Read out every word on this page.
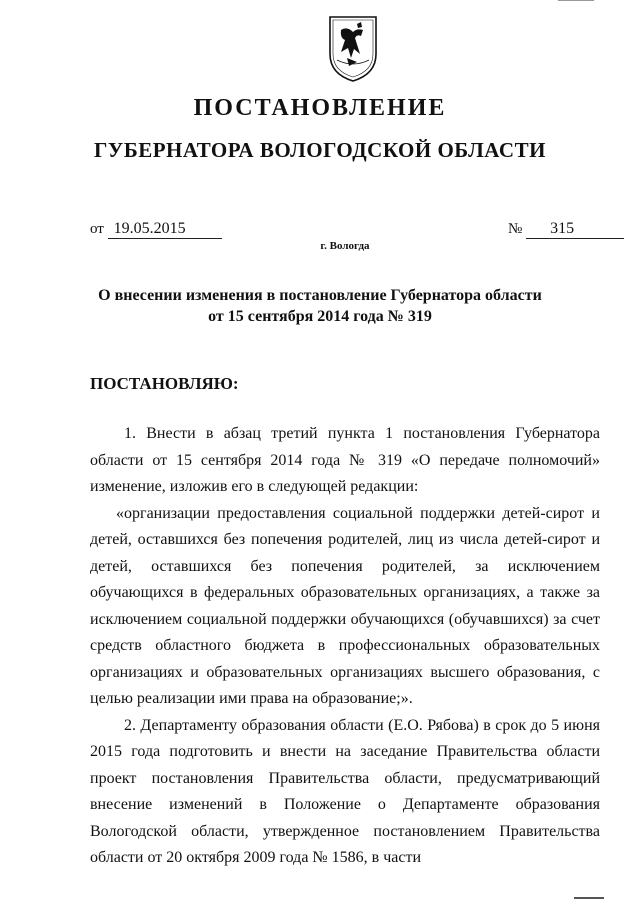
ПОСТАНОВЛЕНИЕ
ГУБЕРНАТОРА ВОЛОГОДСКОЙ ОБЛАСТИ
от 19.05.2015	№ 315
г. Вологда
О внесении изменения в постановление Губернатора области
от 15 сентября 2014 года № 319
ПОСТАНОВЛЯЮ:

1. Внести в абзац третий пункта 1 постановления Губернатора области от 15 сентября 2014 года № 319 «О передаче полномочий» изменение, изложив его в следующей редакции:

«организации предоставления социальной поддержки детей-сирот и детей, оставшихся без попечения родителей, лиц из числа детей-сирот и детей, оставшихся без попечения родителей, за исключением обучающихся в федеральных образовательных организациях, а также за исключением социальной поддержки обучающихся (обучавшихся) за счет средств областного бюджета в профессиональных образовательных организациях и образовательных организациях высшего образования, с целью реализации ими права на образование;».

2. Департаменту образования области (Е.О. Рябова) в срок до 5 июня 2015 года подготовить и внести на заседание Правительства области проект постановления Правительства области, предусматривающий внесение изменений в Положение о Департаменте образования Вологодской области, утвержденное постановлением Правительства области от 20 октября 2009 года № 1586, в части
